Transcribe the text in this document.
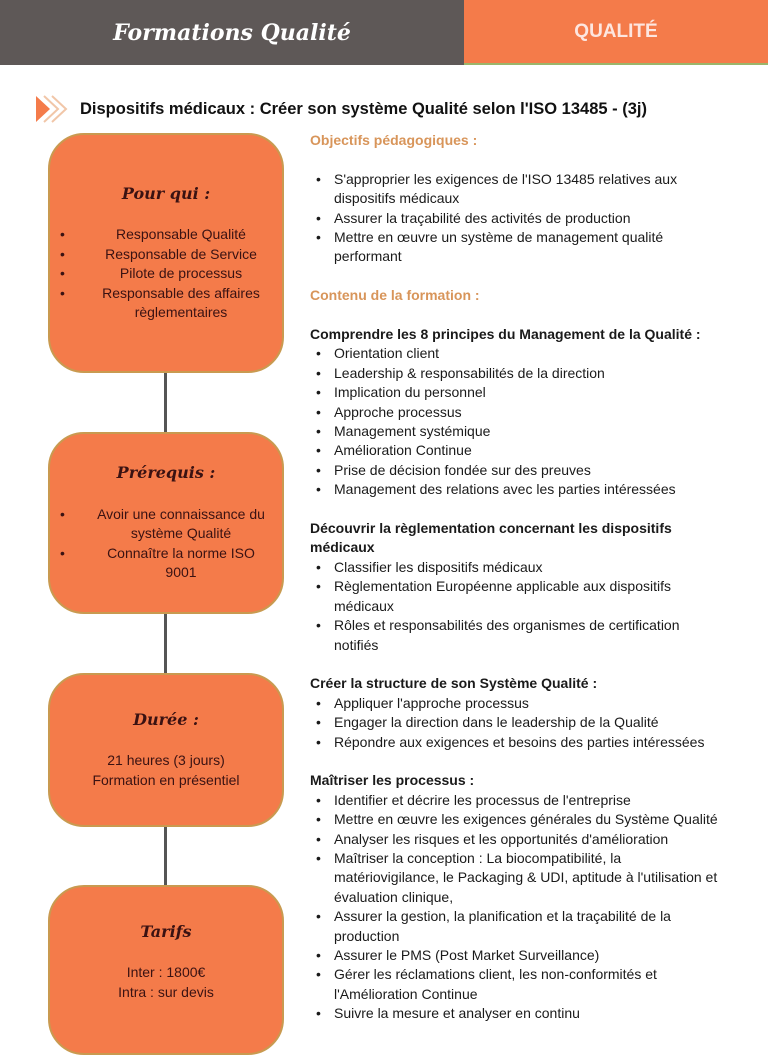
Formations Qualité	QUALITÉ
Dispositifs médicaux : Créer son système Qualité selon l'ISO 13485 - (3j)
Pour qui :
• Responsable Qualité
• Responsable de Service
• Pilote de processus
• Responsable des affaires règlementaires
Prérequis :
• Avoir une connaissance du système Qualité
• Connaître la norme ISO 9001
Durée :
21 heures (3 jours)
Formation en présentiel
Tarifs
Inter : 1800€
Intra : sur devis
Objectifs pédagogiques :
• S'approprier les exigences de l'ISO 13485 relatives aux dispositifs médicaux
• Assurer la traçabilité des activités de production
• Mettre en œuvre un système de management qualité performant
Contenu de la formation :
Comprendre les 8 principes du Management de la Qualité :
• Orientation client
• Leadership & responsabilités de la direction
• Implication du personnel
• Approche processus
• Management systémique
• Amélioration Continue
• Prise de décision fondée sur des preuves
• Management des relations avec les parties intéressées
Découvrir la règlementation concernant les dispositifs médicaux
• Classifier les dispositifs médicaux
• Règlementation Européenne applicable aux dispositifs médicaux
• Rôles et responsabilités des organismes de certification notifiés
Créer la structure de son Système Qualité :
• Appliquer l'approche processus
• Engager la direction dans le leadership de la Qualité
• Répondre aux exigences et besoins des parties intéressées
Maîtriser les processus :
• Identifier et décrire les processus de l'entreprise
• Mettre en œuvre les exigences générales du Système Qualité
• Analyser les risques et les opportunités d'amélioration
• Maîtriser la conception : La biocompatibilité, la matériovigilance, le Packaging & UDI, aptitude à l'utilisation et évaluation clinique,
• Assurer la gestion, la planification et la traçabilité de la production
• Assurer le PMS (Post Market Surveillance)
• Gérer les réclamations client, les non-conformités et l'Amélioration Continue
• Suivre la mesure et analyser en continu
